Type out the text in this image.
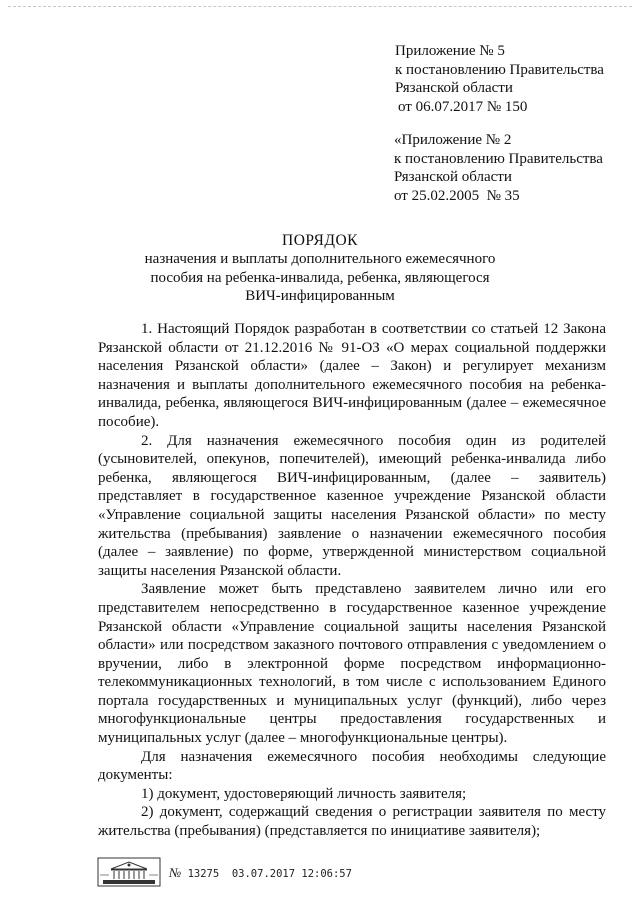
Приложение № 5
к постановлению Правительства
Рязанской области
от 06.07.2017 № 150
«Приложение № 2
к постановлению Правительства
Рязанской области
от 25.02.2005  № 35
ПОРЯДОК
назначения и выплаты дополнительного ежемесячного
пособия на ребенка-инвалида, ребенка, являющегося
ВИЧ-инфицированным

1. Настоящий Порядок разработан в соответствии со статьей 12 Закона Рязанской области от 21.12.2016 № 91-ОЗ «О мерах социальной поддержки населения Рязанской области» (далее – Закон) и регулирует механизм назначения и выплаты дополнительного ежемесячного пособия на ребенка-инвалида, ребенка, являющегося ВИЧ-инфицированным (далее – ежемесячное пособие).

2. Для назначения ежемесячного пособия один из родителей (усыновителей, опекунов, попечителей), имеющий ребенка-инвалида либо ребенка, являющегося ВИЧ-инфицированным, (далее – заявитель) представляет в государственное казенное учреждение Рязанской области «Управление социальной защиты населения Рязанской области» по месту жительства (пребывания) заявление о назначении ежемесячного пособия (далее – заявление) по форме, утвержденной министерством социальной защиты населения Рязанской области.

Заявление может быть представлено заявителем лично или его представителем непосредственно в государственное казенное учреждение Рязанской области «Управление социальной защиты населения Рязанской области» или посредством заказного почтового отправления с уведомлением о вручении, либо в электронной форме посредством информационно-телекоммуникационных технологий, в том числе с использованием Единого портала государственных и муниципальных услуг (функций), либо через многофункциональные центры предоставления государственных и муниципальных услуг (далее – многофункциональные центры).

Для назначения ежемесячного пособия необходимы следующие документы:

1) документ, удостоверяющий личность заявителя;

2) документ, содержащий сведения о регистрации заявителя по месту жительства (пребывания) (представляется по инициативе заявителя);

№ 13275  03.07.2017 12:06:57
